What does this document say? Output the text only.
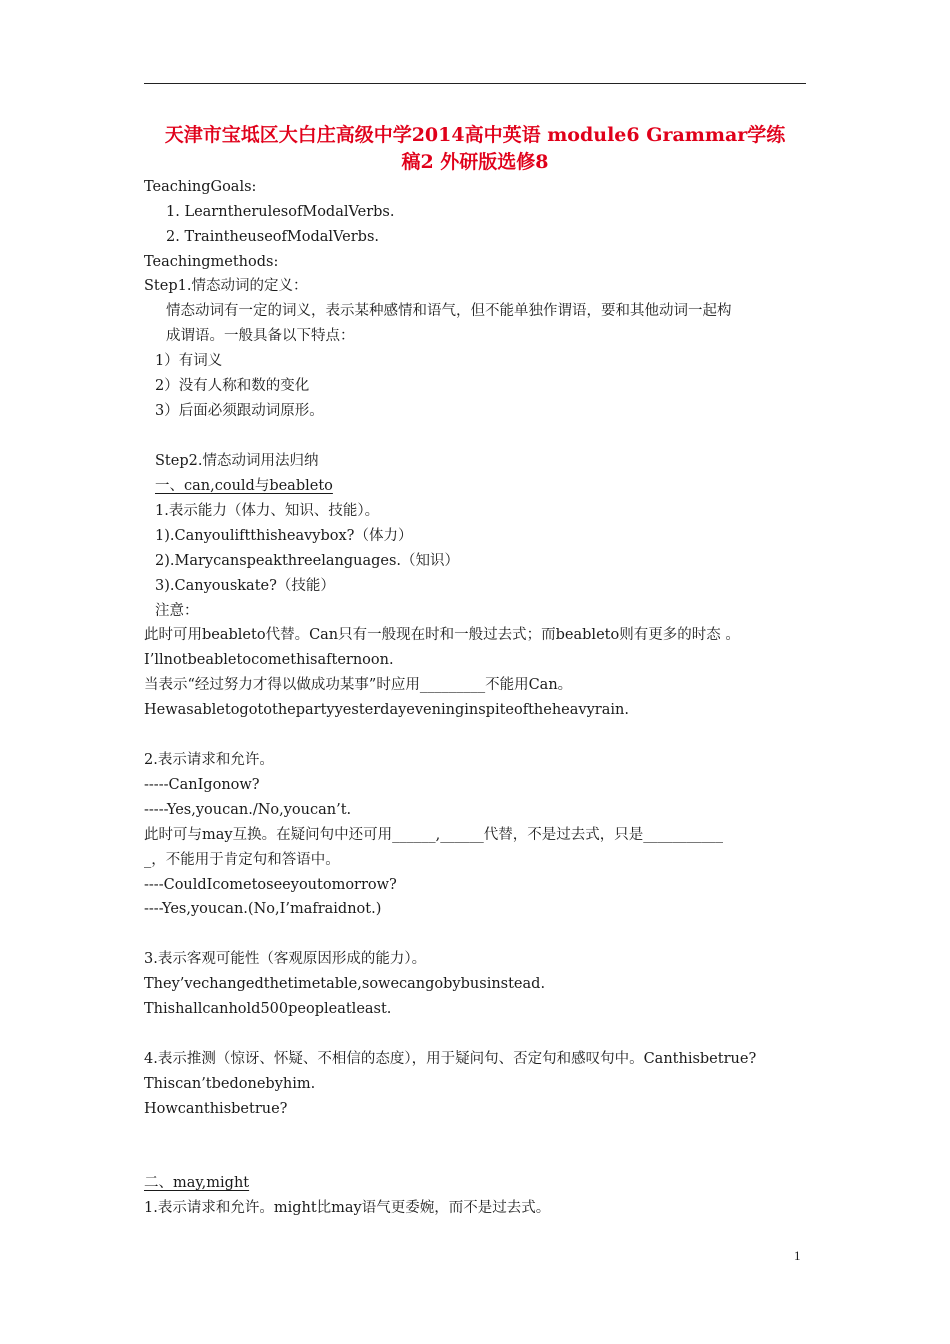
天津市宝坻区大白庄高级中学2014高中英语 module6 Grammar学练
稿2 外研版选修8
TeachingGoals:
1. LearntherulesofModalVerbs.
2. TraintheuseofModalVerbs.
Teachingmethods:
Step1.情态动词的定义：
情态动词有一定的词义，表示某种感情和语气，但不能单独作谓语，要和其他动词一起构
成谓语。一般具备以下特点：
1）有词义
2）没有人称和数的变化
3）后面必须跟动词原形。
Step2.情态动词用法归纳
一、can,could与beableto
1.表示能力（体力、知识、技能）。
1).Canyouliftthisheavybox?（体力）
2).Marycanspeakthreelanguages.（知识）
3).Canyouskate?（技能）
注意：
此时可用beableto代替。Can只有一般现在时和一般过去式；而beableto则有更多的时态 。
I’llnotbeabletocomethisafternoon.
当表示“经过努力才得以做成功某事”时应用_________不能用Can。
Hewasabletogotothepartyyesterdayeveninginspiteoftheheavyrain.
2.表示请求和允许。
-----CanIgonow?
-----Yes,youcan./No,youcan’t.
此时可与may互换。在疑问句中还可用______,______代替，不是过去式，只是___________
_，不能用于肯定句和答语中。
----CouldIcometoseeyoutomorrow?
----Yes,youcan.(No,I’mafraidnot.)
3.表示客观可能性（客观原因形成的能力）。
They’vechangedthetimetable,sowecangobybusinstead.
Thishallcanhold500peopleatleast.
4.表示推测（惊讶、怀疑、不相信的态度），用于疑问句、否定句和感叹句中。Canthisbetrue?
Thiscan’tbedonebyhim.
Howcanthisbetrue?
二、may,might
1.表示请求和允许。might比may语气更委婉，而不是过去式。
1
